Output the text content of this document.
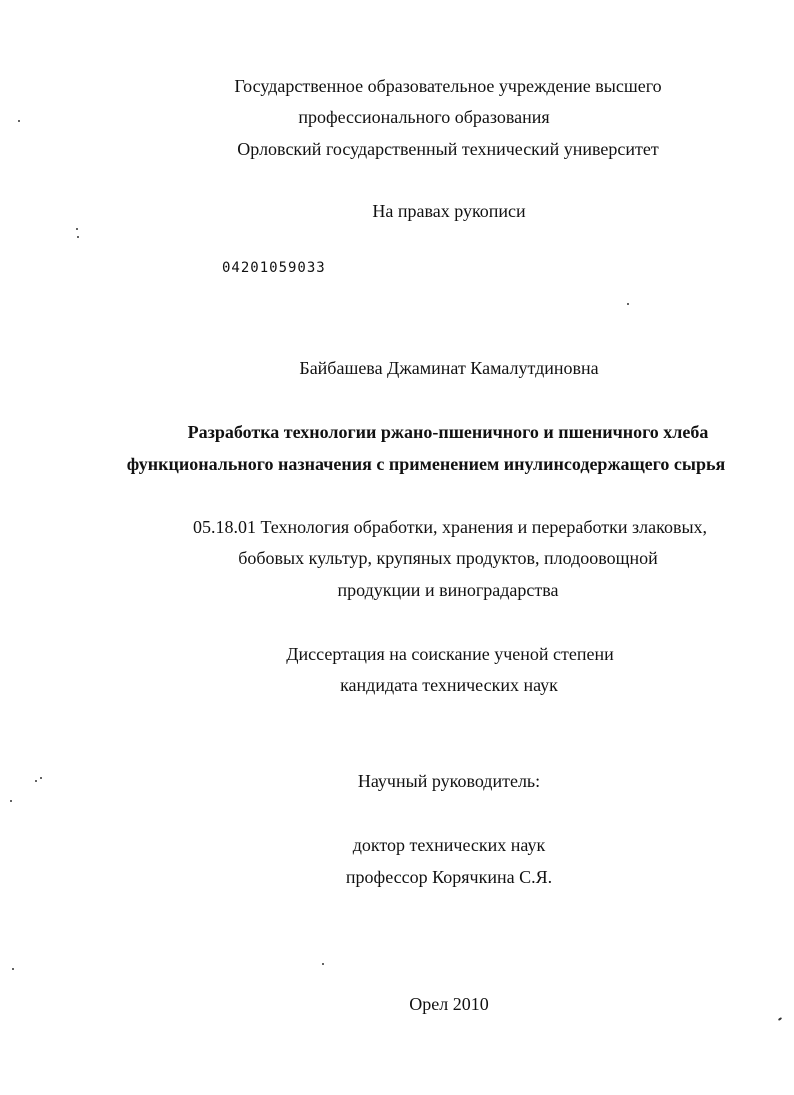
Государственное образовательное учреждение высшего
профессионального образования
Орловский государственный технический университет
На правах рукописи
04201059033
Байбашева Джаминат Камалутдиновна
Разработка технологии ржано-пшеничного и пшеничного хлеба
функционального назначения с применением инулинсодержащего сырья
05.18.01 Технология обработки, хранения и переработки злаковых,
бобовых культур, крупяных продуктов, плодоовощной
продукции и виноградарства
Диссертация на соискание ученой степени
кандидата технических наук
Научный руководитель:
доктор технических наук
профессор Корячкина С.Я.
Орел 2010
